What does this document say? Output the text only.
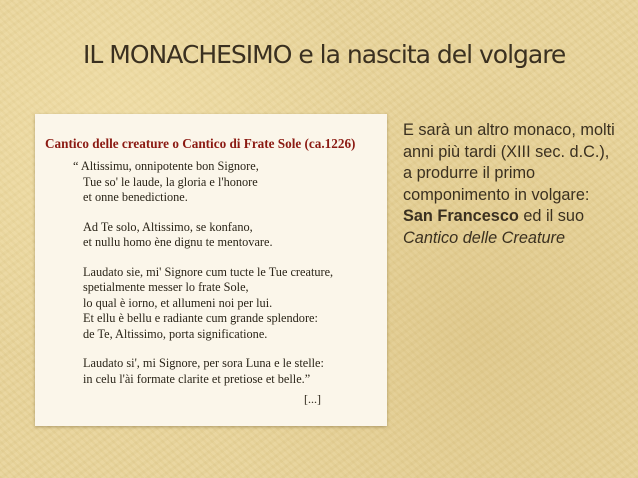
IL MONACHESIMO e la nascita del volgare
Cantico delle creature o Cantico di Frate Sole (ca.1226)
“ Altissimu, onnipotente bon Signore,
Tue so' le laude, la gloria e l'honore
et onne benedictione.
Ad Te solo, Altissimo, se konfano,
et nullu homo ène dignu te mentovare.
Laudato sie, mi' Signore cum tucte le Tue creature,
spetialmente messer lo frate Sole,
lo qual è iorno, et allumeni noi per lui.
Et ellu è bellu e radiante cum grande splendore:
de Te, Altissimo, porta significatione.
Laudato si', mi Signore, per sora Luna e le stelle:
in celu l'ài formate clarite et pretiose et belle.”
[...]
E sarà un altro monaco, molti anni più tardi (XIII sec. d.C.), a produrre il primo componimento in volgare: San Francesco ed il suo Cantico delle Creature
